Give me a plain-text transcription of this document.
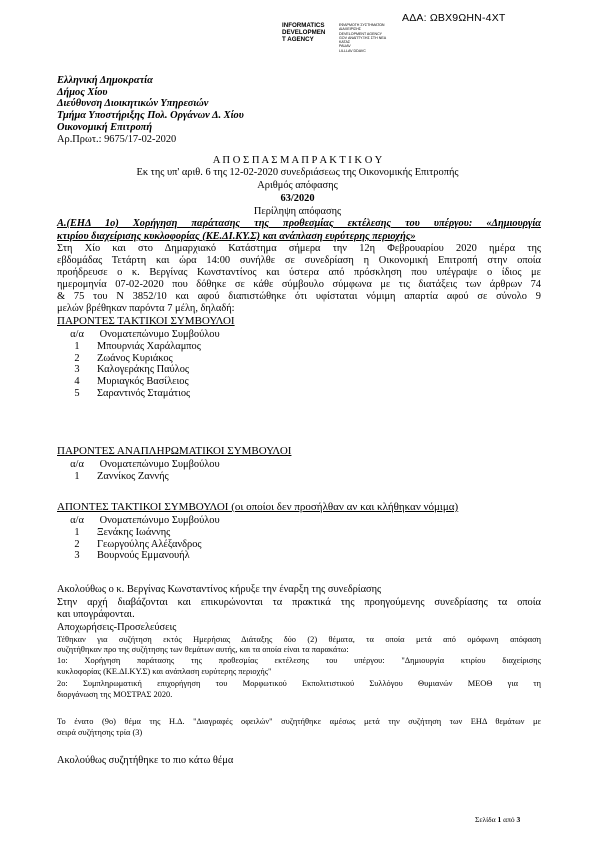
ΑΔΑ: ΩΒΧ9ΩΗΝ-4ΧΤ
INFORMATICS
DEVELOPMEN
T AGENCY
ΕΦΑΡΜΟΓΗ ΣΥΣΤΗΜΑΤΩΝ
ΔΙΑΧΕΙΡΙΣΗΣ
DEVELOPMENT AGENCY
GOV ΑΝΑΠΤΥΞΗΣ ΣΤΗ ΝΕΑ
ΚΑΤΑΣ
PAUAV
LILLLAV DDAVC
Ελληνική Δημοκρατία
Δήμος Χίου
Διεύθυνση Διοικητικών Υπηρεσιών
Τμήμα Υποστήριξης Πολ. Οργάνων Δ. Χίου
Οικονομική Επιτροπή
Αρ.Πρωτ.: 9675/17-02-2020
Α Π Ο Σ Π Α Σ Μ Α Π Ρ Α Κ Τ Ι Κ Ο Υ
Εκ της υπ' αριθ. 6 της 12-02-2020 συνεδριάσεως της Οικονομικής Επιτροπής
Αριθμός απόφασης
63/2020
Περίληψη απόφασης
Α.(ΕΗΔ 1ο) Χορήγηση παράτασης της προθεσμίας εκτέλεσης του υπέργου: «Δημιουργία
κτιρίου διαχείρισης κυκλοφορίας (ΚΕ.ΔΙ.ΚΥ.Σ) και ανάπλαση ευρύτερης περιοχής»
Στη Χίο και στο Δημαρχιακό Κατάστημα σήμερα την 12η Φεβρουαρίου 2020 ημέρα της
εβδομάδας Τετάρτη και ώρα 14:00 συνήλθε σε συνεδρίαση η Οικονομική Επιτροπή στην οποία
προήδρευσε ο κ. Βεργίνας Κωνσταντίνος και ύστερα από πρόσκληση που υπέγραψε ο ίδιος με
ημερομηνία 07-02-2020 που δόθηκε σε κάθε σύμβουλο σύμφωνα με τις διατάξεις των άρθρων 74
& 75 του Ν 3852/10 και αφού διαπιστώθηκε ότι υφίσταται νόμιμη απαρτία αφού σε σύνολο 9
μελών βρέθηκαν παρόντα 7 μέλη, δηλαδή:
ΠΑΡΟΝΤΕΣ ΤΑΚΤΙΚΟΙ ΣΥΜΒΟΥΛΟΙ
α/α Ονοματεπώνυμο Συμβούλου
1 Μπουρνιάς Χαράλαμπος
2 Ζωάνος Κυριάκος
3 Καλογεράκης Παύλος
4 Μυριαγκός Βασίλειος
5 Σαραντινός Σταμάτιος
ΠΑΡΟΝΤΕΣ ΑΝΑΠΛΗΡΩΜΑΤΙΚΟΙ ΣΥΜΒΟΥΛΟΙ
α/α Ονοματεπώνυμο Συμβούλου
1 Ζαννίκος Ζαννής
ΑΠΟΝΤΕΣ ΤΑΚΤΙΚΟΙ ΣΥΜΒΟΥΛΟΙ (οι οποίοι δεν προσήλθαν αν και κλήθηκαν νόμιμα)
α/α Ονοματεπώνυμο Συμβούλου
1 Ξενάκης Ιωάννης
2 Γεωργούλης Αλέξανδρος
3 Βουρνούς Εμμανουήλ
Ακολούθως ο κ. Βεργίνας Κωνσταντίνος κήρυξε την έναρξη της συνεδρίασης
Στην αρχή διαβάζονται και επικυρώνονται τα πρακτικά της προηγούμενης συνεδρίασης τα οποία
και υπογράφονται.
Αποχωρήσεις-Προσελεύσεις
Τέθηκαν για συζήτηση εκτός Ημερήσιας Διάταξης δύο (2) θέματα, τα οποία μετά από ομόφωνη απόφαση
συζητήθηκαν προ της συζήτησης των θεμάτων αυτής, και τα οποία είναι τα παρακάτω:
1ο: Χορήγηση παράτασης της προθεσμίας εκτέλεσης του υπέργου: "Δημιουργία κτιρίου διαχείρισης
κυκλοφορίας (ΚΕ.ΔΙ.ΚΥ.Σ) και ανάπλαση ευρύτερης περιοχής"
2ο: Συμπληρωματική επιχορήγηση του Μορφωτικού Εκπολιτιστικού Συλλόγου Θυμιανών ΜΕΟΘ για τη
διοργάνωση της ΜΟΣΤΡΑΣ 2020.
Το ένατο (9ο) θέμα της Η.Δ. "Διαγραφές οφειλών" συζητήθηκε αμέσως μετά την συζήτηση των ΕΗΔ θεμάτων με
σειρά συζήτησης τρία (3)
Ακολούθως συζητήθηκε το πιο κάτω θέμα
Σελίδα 1 από 3
